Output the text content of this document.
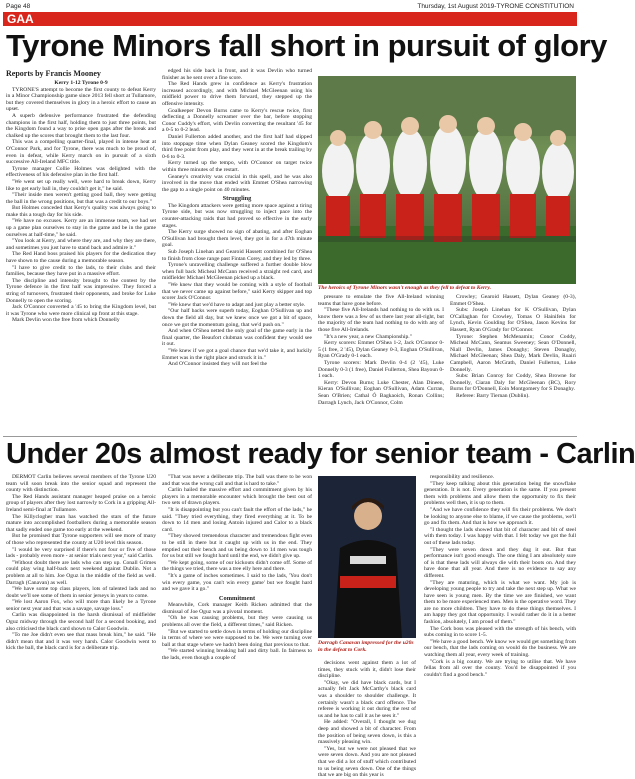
Page 48	Thursday, 1st August 2019-TYRONE CONSTITUTION
GAA
Tyrone Minors fall short in pursuit of glory

Reports by Francis Mooney

Kerry 1-12 Tyrone 0-9

TYRONE'S attempt to become the first county to defeat Kerry in a Minor Championship game since 2013 fell short at Tullamore, but they covered themselves in glory in a heroic effort to cause an upset.

A superb defensive performance frustrated the defending champions in the first half, holding them to just three points, but the Kingdom found a way to prise open gaps after the break and chalked up the scores that brought them to the last four.

This was a compelling quarter-final, played in intense heat at O'Connor Park, and for Tyrone, there was much to be proud of, even in defeat, while Kerry march on in pursuit of a sixth successive All-Ireland MFC title.

Tyrone manager Collie Holmes was delighted with the effectiveness of his defensive plan in the first half.

"We went set up really well, were hard to break down, Kerry like to get early ball in, they couldn't get it," he said.

"Their inside men weren't getting good ball, they were getting the ball in the wrong positions, but that was a credit to our boys."

But Holmes conceded that Kerry's quality was always going to make this a tough day for his side.

"We have no excuses. Kerry are an immense team, we had set up a game plan ourselves to stay in the game and be in the game ourselves at half-time," he said.

"You look at Kerry, and where they are, and why they are there, and sometimes you just have to stand back and admire it."

The Red Hand boss praised his players for the dedication they have shown to the cause during a memorable season.

"I have to give credit to the lads, to their clubs and their families, because they have put in a massive effort.

The discipline and intensity brought to the contest by the Tyrone defence in the first half was impressive. They forced a string of turnovers, frustrated their opponents, and broke for Luke Donnelly to open the scoring.

Jack O'Connor converted a '45 to bring the Kingdom level, but it was Tyrone who were more clinical up front at this stage.

Mark Devlin won the free from which Donnelly

edged his side back in front, and it was Devlin who turned finisher as he sent over a fine score.

The Red Hands grew in confidence as Kerry's frustration increased accordingly, and with Michael McGleenan using his midfield power to drive them forward, they stepped up the offensive intensity.

Goalkeeper Devon Burns came to Kerry's rescue twice, first deflecting a Donnelly screamer over the bar, before stopping Conor Cuddy's effort, with Devlin converting the resultant '45 for a 0-5 to 0-2 lead.

Daniel Fullerton added another, and the first half had slipped into stoppage time when Dylan Geaney scored the Kingdom's third free point from play, and they went in at the break trailing by 0-6 to 0-3.

Kerry turned up the tempo, with O'Connor on target twice within three minutes of the restart.

Geaney's creativity was crucial in this spell, and he was also involved in the move that ended with Emmet O'Shea narrowing the gap to a single point on 40 minutes.

Struggling

The Kingdom attackers were getting more space against a tiring Tyrone side, but was now struggling to inject pace into the counter-attacking raids that had proved so effective in the early stages.

The Kerry surge showed no sign of abating, and after Eoghan O'Sullivan had brought them level, they got in for a 47th minute goal.

Sub Joseph Linehan and Gearoid Hassett combined for O'Shea to finish from close range past Fintan Corey, and they led by three.

Tyrone's unravelling challenge suffered a further double blow when full back Micheal McCann received a straight red card, and midfielder Michael McGleenan picked up a black.

"We knew that they would be coming with a style of football that we never came up against before," said Kerry skipper and top scorer Jack O'Connor.

"We knew that we'd have to adapt and just play a better style.

"Our half backs were superb today, Eoghan O'Sullivan up and down the field all day, but we knew once we got a bit of space, once we got the momentum going, that we'd push on."

And when O'Shea netted the only goal of the game early in the final quarter, the Beaufort clubman was confident they would see it out.

"We knew if we got a goal chance that we'd take it, and luckily Emmet was in the right place and struck it in."

And O'Connor insisted they will not feel the

The heroics of Tyrone Minors wasn't enough as they fell to defeat to Kerry.

pressure to emulate the five All-Ireland winning teams that have gone before.

"These five All-Irelands had nothing to do with us. I know there was a few of us there last year all-right, but the majority of the team had nothing to do with any of those five All-Irelands.

"It's a new year, a new Championship."

Kerry scorers: Emmet O'Shea 1-2, Jack O'Connor 0-5 (1 free, 2 '45), Dylan Geaney 0-3, Eoghan O'Sullivan, Ryan O'Grady 0-1 each.

Tyrone scorers: Mark Devlin 0-4 (2 '45), Luke Donnelly 0-3 (1 free), Daniel Fullerton, Shea Bayoun 0-1 each.

Kerry: Devon Burns; Luke Chester, Alan Dineen, Kieran O'Sullivan; Eoghan O'Sullivan, Adam Curran, Sean O'Brien; Cathal Ó Bagkaoich, Ronan Collins; Darragh Lynch, Jack O'Connor, Colm

Crowley; Gearoid Hassett, Dylan Geaney (0-3), Emmet O'Shea.

Subs: Joseph Linehan for K O'Sullivan, Dylan O'Callaghan for Crowley, Tomas O Hainifein for Lynch, Kevin Goulding for O'Shea, Jason Kevins for Hassett, Ryan O'Grady for O'Connor.

Tyrone: Stephen McMenamin; Conor Coddy, Micheal McCann, Seamus Sweeney; Sean O'Donnell, Niall Devlin, James Donaghy; Steven Donaghy, Michael McGleenan; Shea Daly, Mark Devlin, Ruairi Campbell, Aaron McGrath, Daniel Fullerton, Luke Donnelly.

Subs: Brian Conroy for Coddy, Shea Browne for Donnelly, Ciaran Daly for McGleenan (BC), Rory Burns for O'Donnell, Eoin Montgomery for S Donaghy.

Referee: Barry Tiernan (Dublin).

Under 20s almost ready for senior team - Carlin

DERMOT Carlin believes several members of the Tyrone U20 team will soon break into the senior squad and represent the county with distinction.

The Red Hands assistant manager heaped praise on a heroic group of players after they lost narrowly to Cork in a gripping All-Ireland semi-final at Tullamore.

The Killyclogher man has watched the stars of the future mature into accomplished footballers during a memorable season that sadly ended one game too early at the weekend.

But he promised that Tyrone supporters will see more of many of those who represented the county at U20 level this season.

"I would be very surprised if there's not four or five of those lads - probably even more - at senior trials next year," said Carlin.

"Without doubt there are lads who can step up. Conall Grimes could play wing half-back next weekend against Dublin. Not a problem at all to him. Joe Oguz in the middle of the field as well. Darragh (Canavan) as well.

"We have some top class players, lots of talented lads and no doubt we'll see some of them in senior jerseys in years to come.

"We lost Aaron Fox, who will more than likely be a Tyrone senior next year and that was a savage, savage loss."

Carlin was disappointed in the harsh dismissal of midfielder Oguz midway through the second half for a second booking, and also criticised the black card shown to Calor Goodwin.

"To me Joe didn't even see that mass break him," he said. "He didn't mean that and it was very harsh. Calor Goodwin went to kick the ball, the black card is for a deliberate trip.

"That was never a deliberate trip. The ball was there to be won and that was the wrong call and that is hard to take."

Carlin hailed the massive effort and commitment given by his players in a memorable encounter which brought the best out of two sets of drawn players.

"It is disappointing but you can't fault the effort of the lads," he said. "They tried everything, they fired everything at it. To be down to 14 men and losing Antoin injured and Calor to a black card.

"They showed tremendous character and tremendous fight even to be still in there but it caught up with us in the end. They emptied out their bench and us being down to 14 men was tough for us but still we fought hard until the end, we didn't give up.

"We kept going, some of our kickouts didn't come off. Some of the things we tried, there was a tree elly here and there.

"It's a game of inches sometimes. I said to the lads, 'You don't win every game, you can't win every game' but we fought hard and we gave it a go."

Commitment

Meanwhile, Cork manager Keith Ricken admitted that the dismissal of Joe Oguz was a pivotal moment.

"Oh he was causing problems, but they were causing us problems all over the field, a different times," said Ricken.

"But we started to settle down in terms of holding our discipline in terms of where we were supposed to be. We were turning over ball at that stage where we hadn't been doing that previous to that.

"We started winning breaking ball and dirty ball. In fairness to the lads, even though a couple of

Darragh Canavan impressed for the u20s in the defeat to Cork.

decisions went against them a lot of times, they stuck with it, didn't lose their discipline.

"Okay, we did have black cards, but I actually felt Jack McCarthy's black card was a shoulder to shoulder challenge. It certainly wasn't a black card offence. The referee is working it out during the rest of us and he has to call it as he sees it."

He added: "Overall, I thought we dug deep and showed a bit of character. From the position of being seven down, is this a massively pleasing win.

"Yes, but we were not pleased that we were seven down. And you are not pleased that we did a lot of stuff which contributed to us being seven down. One of the things that we are big on this year is

responsibility and resilience.

"They keep talking about this generation being the snowflake generation. It is not. Every generation is the same. If you present them with problems and allow them the opportunity to fix their problems well then, it is up to them.

"And we have confidence they will fix their problems. We don't be looking to anyone else to blame, if we cause the problems, we'll go and fix them. And that is how we approach it.

"I thought the lads showed that bit of character and bit of steel with them today. I was happy with that. I felt today we got the full out of these lads today.

"They were seven down and they dug it out. But that performance isn't good enough. The one thing I am absolutely sure of is that these lads will always die with their boots on. And they have done that all year. And there is no evidence to say any different.

"They are maturing, which is what we want. My job is developing young people to try and take the next step up. What we have seen is young men. By the time we are finished, we want them to be more experienced men. Men is the operative word. They are no more children. They have to do these things themselves. I am happy they got that opportunity. I would rather do it in a better fashion, absolutely, I am proud of them."

The Cork boss was pleased with the strength of his bench, with subs coming in to score 1-5.

"We have a good bench. We know we would get something from our bench, that the lads coming on would do the business. We are watching them all year, every week of training.

"Cork is a big county. We are trying to utilise that. We have fellas from all over the county. You'd be disappointed if you couldn't find a good bench."
